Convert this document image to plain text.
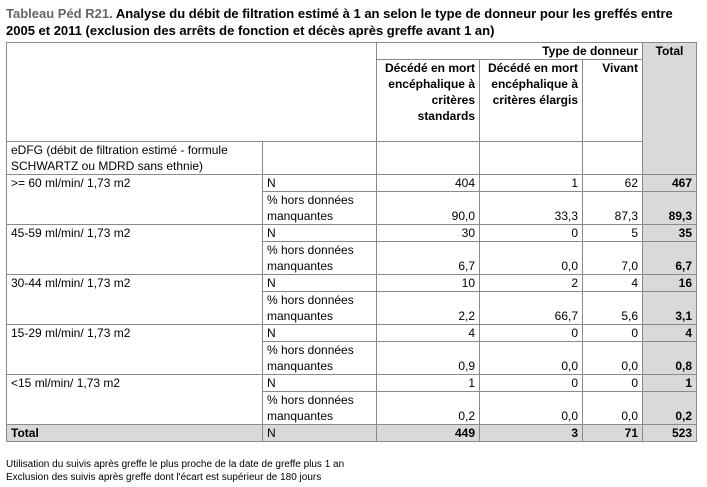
Tableau Péd R21. Analyse du débit de filtration estimé à 1 an selon le type de donneur pour les greffés entre 2005 et 2011 (exclusion des arrêts de fonction et décès après greffe avant 1 an)
		Type de donneur			Total
		Décédé en mort encéphalique à critères standards	Décédé en mort encéphalique à critères élargis	Vivant	
eDFG (débit de filtration estimé - formule SCHWARTZ ou MDRD sans ethnie)					
>= 60 ml/min/ 1,73 m2	N	404	1	62	467
	% hors données manquantes	90,0	33,3	87,3	89,3
45-59 ml/min/ 1,73 m2	N	30	0	5	35
	% hors données manquantes	6,7	0,0	7,0	6,7
30-44 ml/min/ 1,73 m2	N	10	2	4	16
	% hors données manquantes	2,2	66,7	5,6	3,1
15-29 ml/min/ 1,73 m2	N	4	0	0	4
	% hors données manquantes	0,9	0,0	0,0	0,8
<15 ml/min/ 1,73 m2	N	1	0	0	1
	% hors données manquantes	0,2	0,0	0,0	0,2
Total	N	449	3	71	523
Utilisation du suivis après greffe le plus proche de la date de greffe plus 1 an
Exclusion des suivis après greffe dont l'écart est supérieur de 180 jours
